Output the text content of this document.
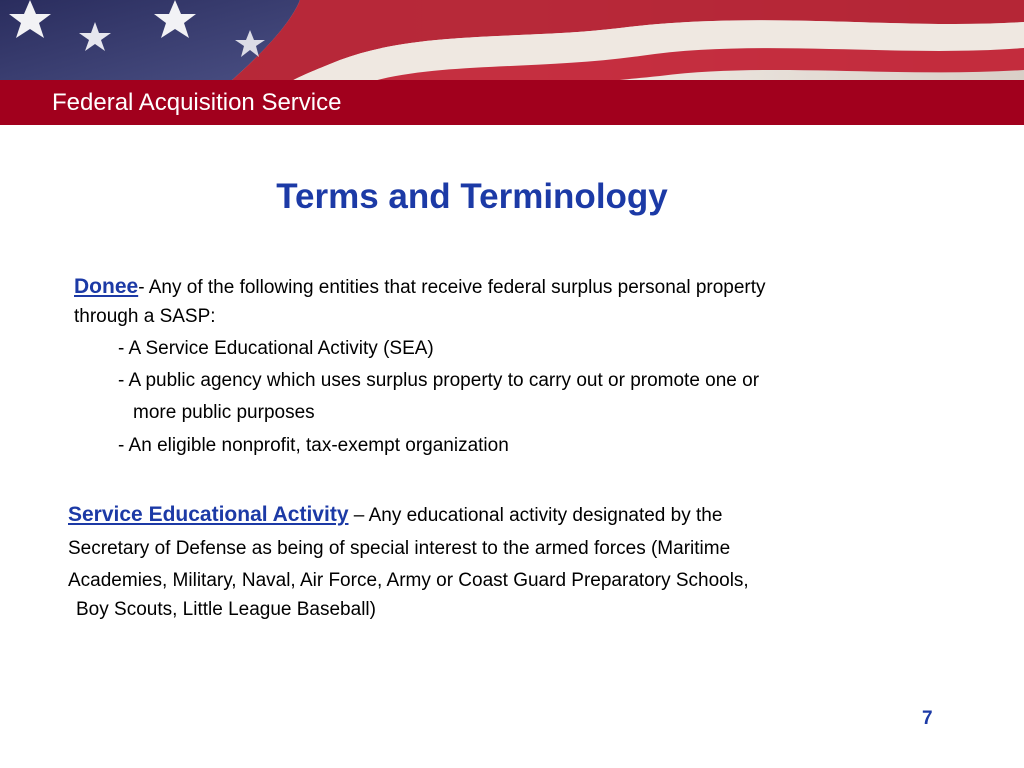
Federal Acquisition Service
Terms and Terminology
Donee- Any of the following entities that receive federal surplus personal property
through a SASP:
- A Service Educational Activity (SEA)
- A public agency which uses surplus property to carry out or promote one or
more public purposes
- An eligible nonprofit, tax-exempt organization
Service Educational Activity – Any educational activity designated by the
Secretary of Defense as being of special interest to the armed forces (Maritime
Academies, Military, Naval, Air Force, Army or Coast Guard Preparatory Schools,
Boy Scouts, Little League Baseball)
7
